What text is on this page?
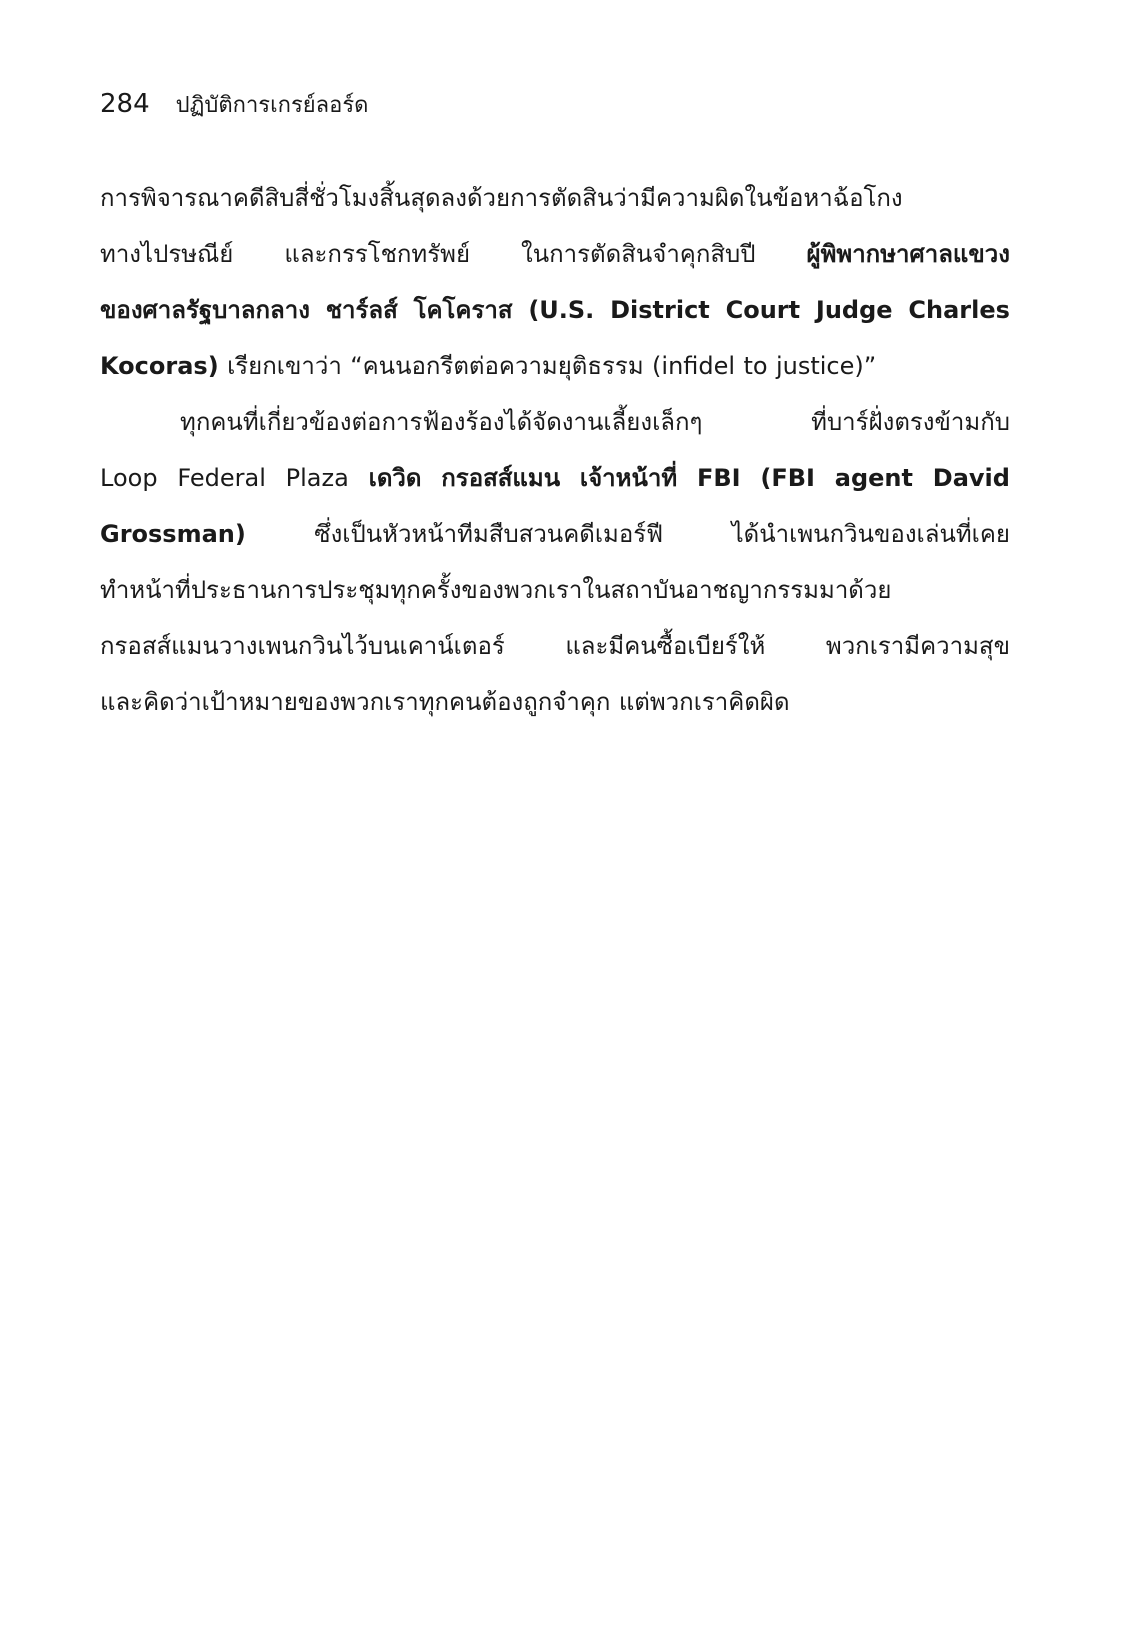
284 ปฏิบัติการเกรย์ลอร์ด
การพิจารณาคดีสิบสี่ชั่วโมงสิ้นสุดลงด้วยการตัดสินว่ามีความผิดในข้อหาฉ้อโกง
ทางไปรษณีย์ และกรรโชกทรัพย์ ในการตัดสินจำคุกสิบปี ผู้พิพากษาศาลแขวง
ของศาลรัฐบาลกลาง ชาร์ลส์ โคโคราส (U.S. District Court Judge Charles
Kocoras) เรียกเขาว่า “คนนอกรีตต่อความยุติธรรม (infidel to justice)”
ทุกคนที่เกี่ยวข้องต่อการฟ้องร้องได้จัดงานเลี้ยงเล็กๆ	ที่บาร์ฝั่งตรงข้ามกับ
Loop Federal Plaza เดวิด กรอสส์แมน เจ้าหน้าที่ FBI (FBI agent David
Grossman)	ซึ่งเป็นหัวหน้าทีมสืบสวนคดีเมอร์ฟี	ได้นำเพนกวินของเล่นที่เคย
ทำหน้าที่ประธานการประชุมทุกครั้งของพวกเราในสถาบันอาชญากรรมมาด้วย
กรอสส์แมนวางเพนกวินไว้บนเคาน์เตอร์	และมีคนซื้อเบียร์ให้	พวกเรามีความสุข
และคิดว่าเป้าหมายของพวกเราทุกคนต้องถูกจำคุก แต่พวกเราคิดผิด
